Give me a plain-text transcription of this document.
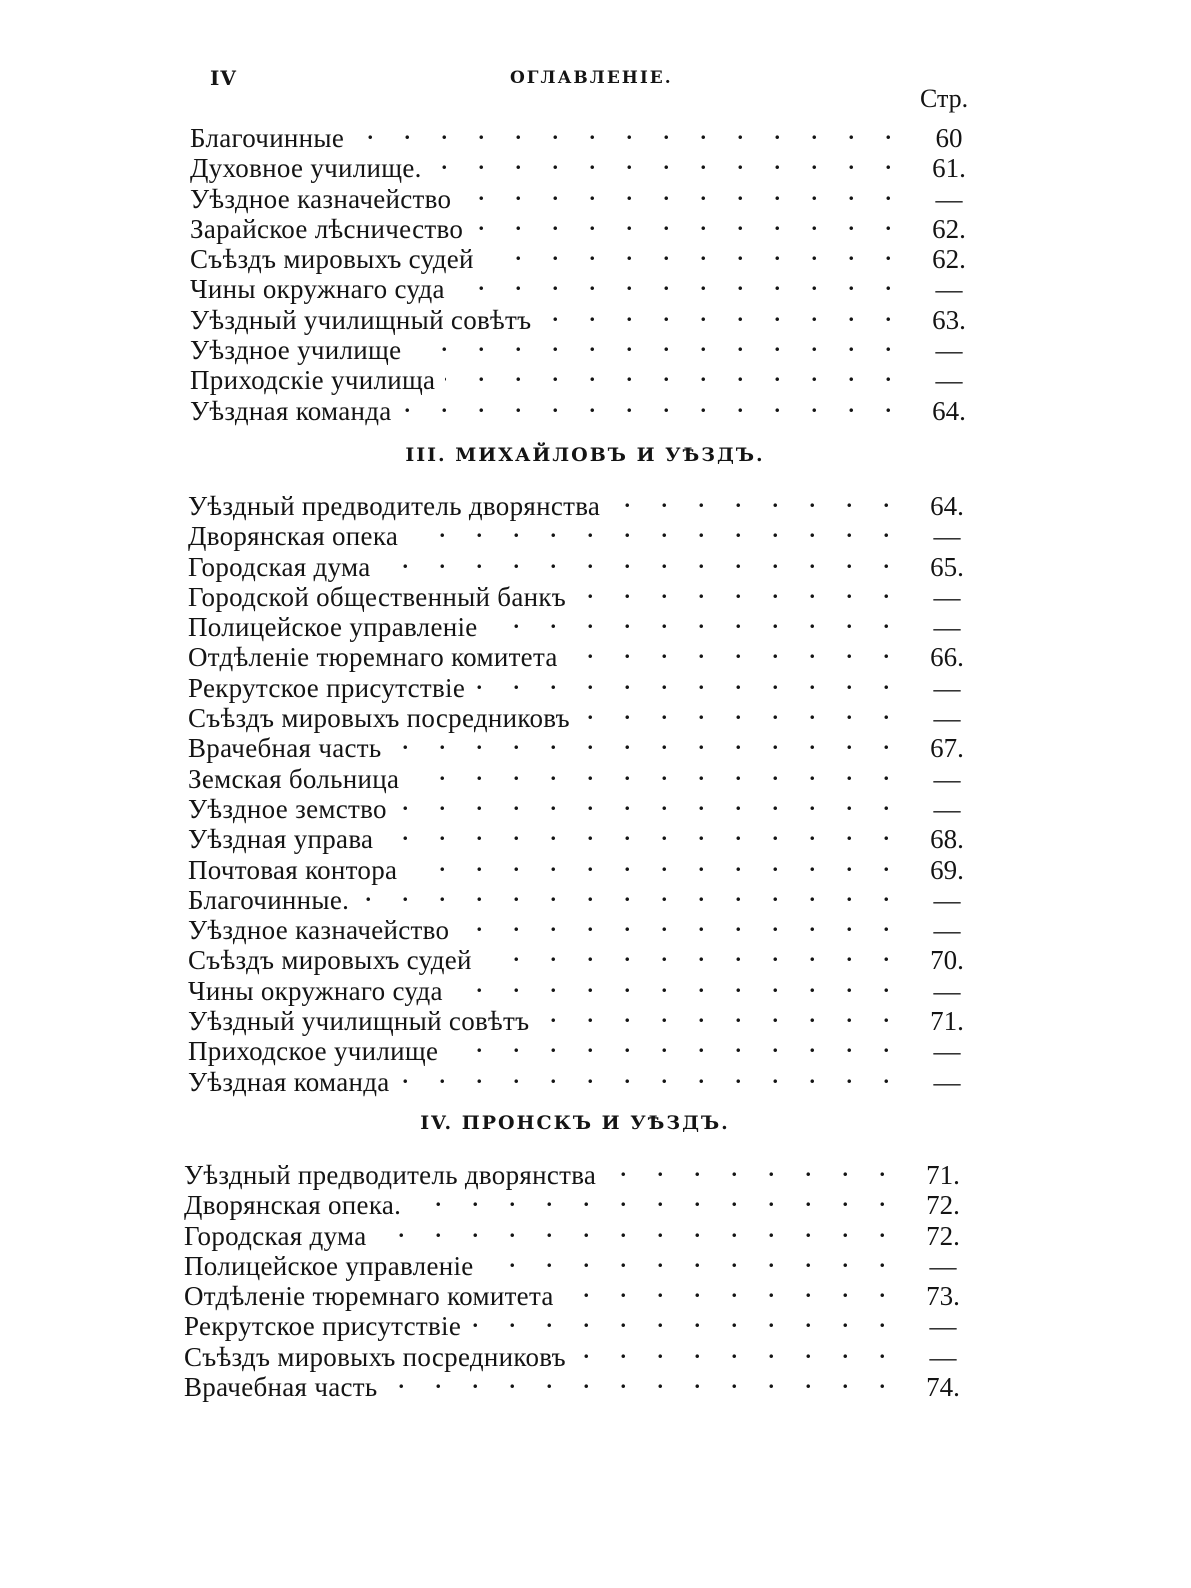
IV	ОГЛАВЛЕНІЕ.
Стр.
Благочинные . . .	60
Духовное училище. . . .	61.
Уѣздное казначейство . . .	—
Зарайское лѣсничество . . .	62.
Съѣздъ мировыхъ судей . . .	62.
Чины окружнаго суда . . .	—
Уѣздный училищный совѣтъ . . .	63.
Уѣздное училище . . .	—
Приходскіе училища . . .	—
Уѣздная команда . . .	64.
III. МИХАЙЛОВЪ И УѢЗДЪ.
Уѣздный предводитель дворянства . . .	64.
Дворянская опека . . .	—
Городская дума . . .	65.
Городской общественный банкъ . . .	—
Полицейское управленіе . . .	—
Отдѣленіе тюремнаго комитета . . .	66.
Рекрутское присутствіе . . .	—
Съѣздъ мировыхъ посредниковъ . . .	—
Врачебная часть . . .	67.
Земская больница . . .	—
Уѣздное земство . . .	—
Уѣздная управа . . .	68.
Почтовая контора . . .	69.
Благочинные. . . .	—
Уѣздное казначейство . . .	—
Съѣздъ мировыхъ судей . . .	70.
Чины окружнаго суда . . .	—
Уѣздный училищный совѣтъ . . .	71.
Приходское училище . . .	—
Уѣздная команда . . .	—
IV. ПРОНСКЪ И УѢЗДЪ.
Уѣздный предводитель дворянства . . .	71.
Дворянская опека. . . .	72.
Городская дума . . .	72.
Полицейское управленіе . . .	—
Отдѣленіе тюремнаго комитета . . .	73.
Рекрутское присутствіе . . .	—
Съѣздъ мировыхъ посредниковъ . . .	—
Врачебная часть . . .	74.
